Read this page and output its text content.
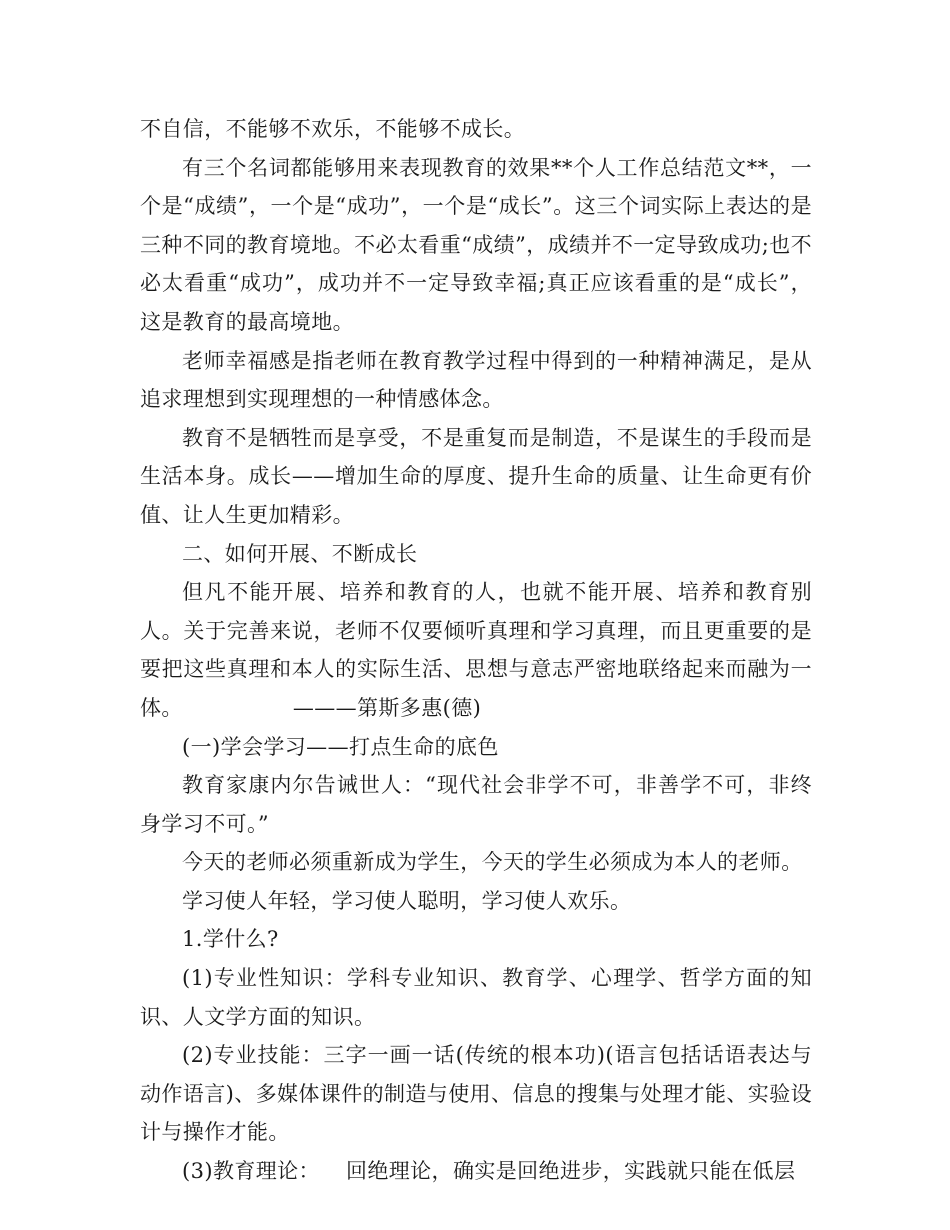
不自信，不能够不欢乐，不能够不成长。

有三个名词都能够用来表现教育的效果**个人工作总结范文**，一个是“成绩”，一个是“成功”，一个是“成长”。这三个词实际上表达的是三种不同的教育境地。不必太看重“成绩”，成绩并不一定导致成功;也不必太看重“成功”，成功并不一定导致幸福;真正应该看重的是“成长”，这是教育的最高境地。

老师幸福感是指老师在教育教学过程中得到的一种精神满足，是从追求理想到实现理想的一种情感体念。

教育不是牺牲而是享受，不是重复而是制造，不是谋生的手段而是生活本身。成长——增加生命的厚度、提升生命的质量、让生命更有价值、让人生更加精彩。

二、如何开展、不断成长

但凡不能开展、培养和教育的人，也就不能开展、培养和教育别人。关于完善来说，老师不仅要倾听真理和学习真理，而且更重要的是要把这些真理和本人的实际生活、思想与意志严密地联络起来而融为一体。	———第斯多惠(德)

(一)学会学习——打点生命的底色

教育家康内尔告诫世人：“现代社会非学不可，非善学不可，非终身学习不可。”

今天的老师必须重新成为学生，今天的学生必须成为本人的老师。

学习使人年轻，学习使人聪明，学习使人欢乐。

1.学什么?

(1)专业性知识：学科专业知识、教育学、心理学、哲学方面的知识、人文学方面的知识。

(2)专业技能：三字一画一话(传统的根本功)(语言包括话语表达与动作语言)、多媒体课件的制造与使用、信息的搜集与处理才能、实验设计与操作才能。

(3)教育理论： 回绝理论，确实是回绝进步，实践就只能在低层
